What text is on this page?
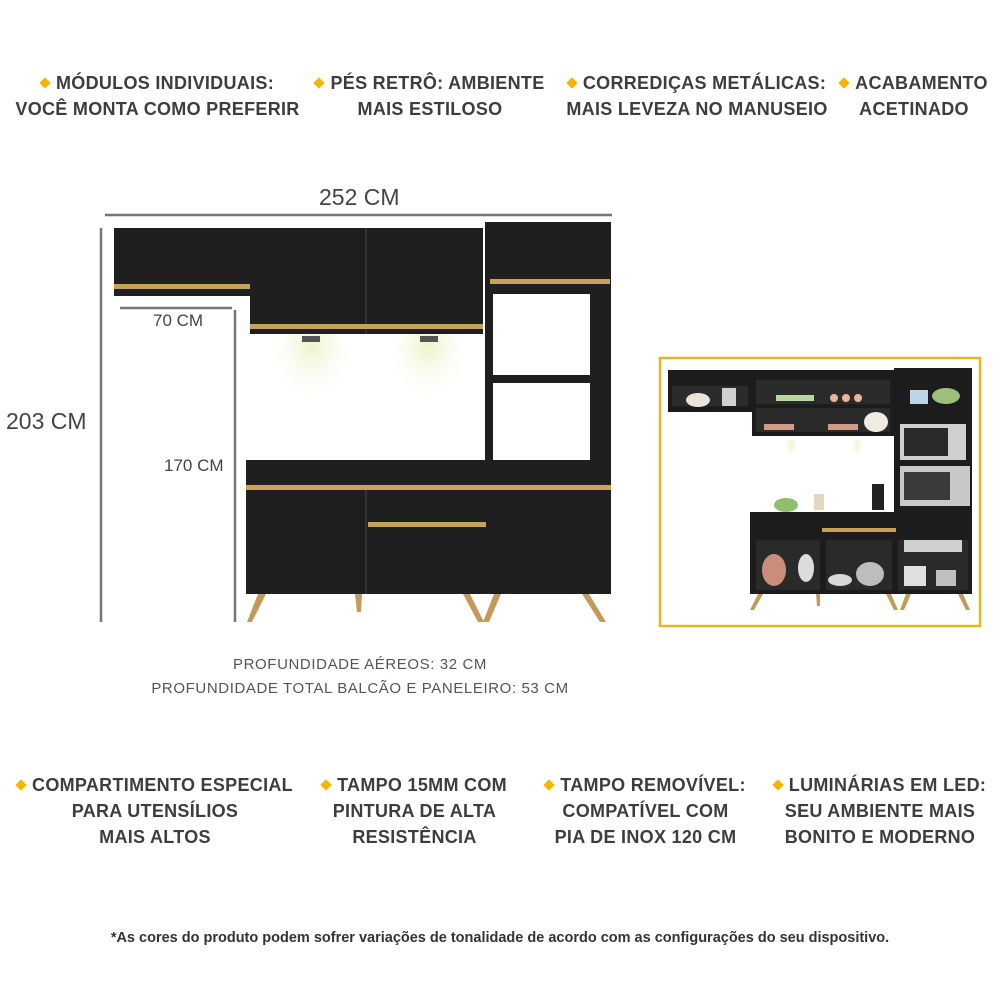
MÓDULOS INDIVIDUAIS:
VOCÊ MONTA COMO PREFERIR
PÉS RETRÔ: AMBIENTE
MAIS ESTILOSO
CORREDIÇAS METÁLICAS:
MAIS LEVEZA NO MANUSEIO
ACABAMENTO
ACETINADO
252 CM
203 CM
70 CM
170 CM
PROFUNDIDADE AÉREOS: 32 CM
PROFUNDIDADE TOTAL BALCÃO E PANELEIRO: 53 CM
COMPARTIMENTO ESPECIAL
PARA UTENSÍLIOS
MAIS ALTOS
TAMPO 15MM COM
PINTURA DE ALTA
RESISTÊNCIA
TAMPO REMOVÍVEL:
COMPATÍVEL COM
PIA DE INOX 120 CM
LUMINÁRIAS EM LED:
SEU AMBIENTE MAIS
BONITO E MODERNO
*As cores do produto podem sofrer variações de tonalidade de acordo com as configurações do seu dispositivo.
